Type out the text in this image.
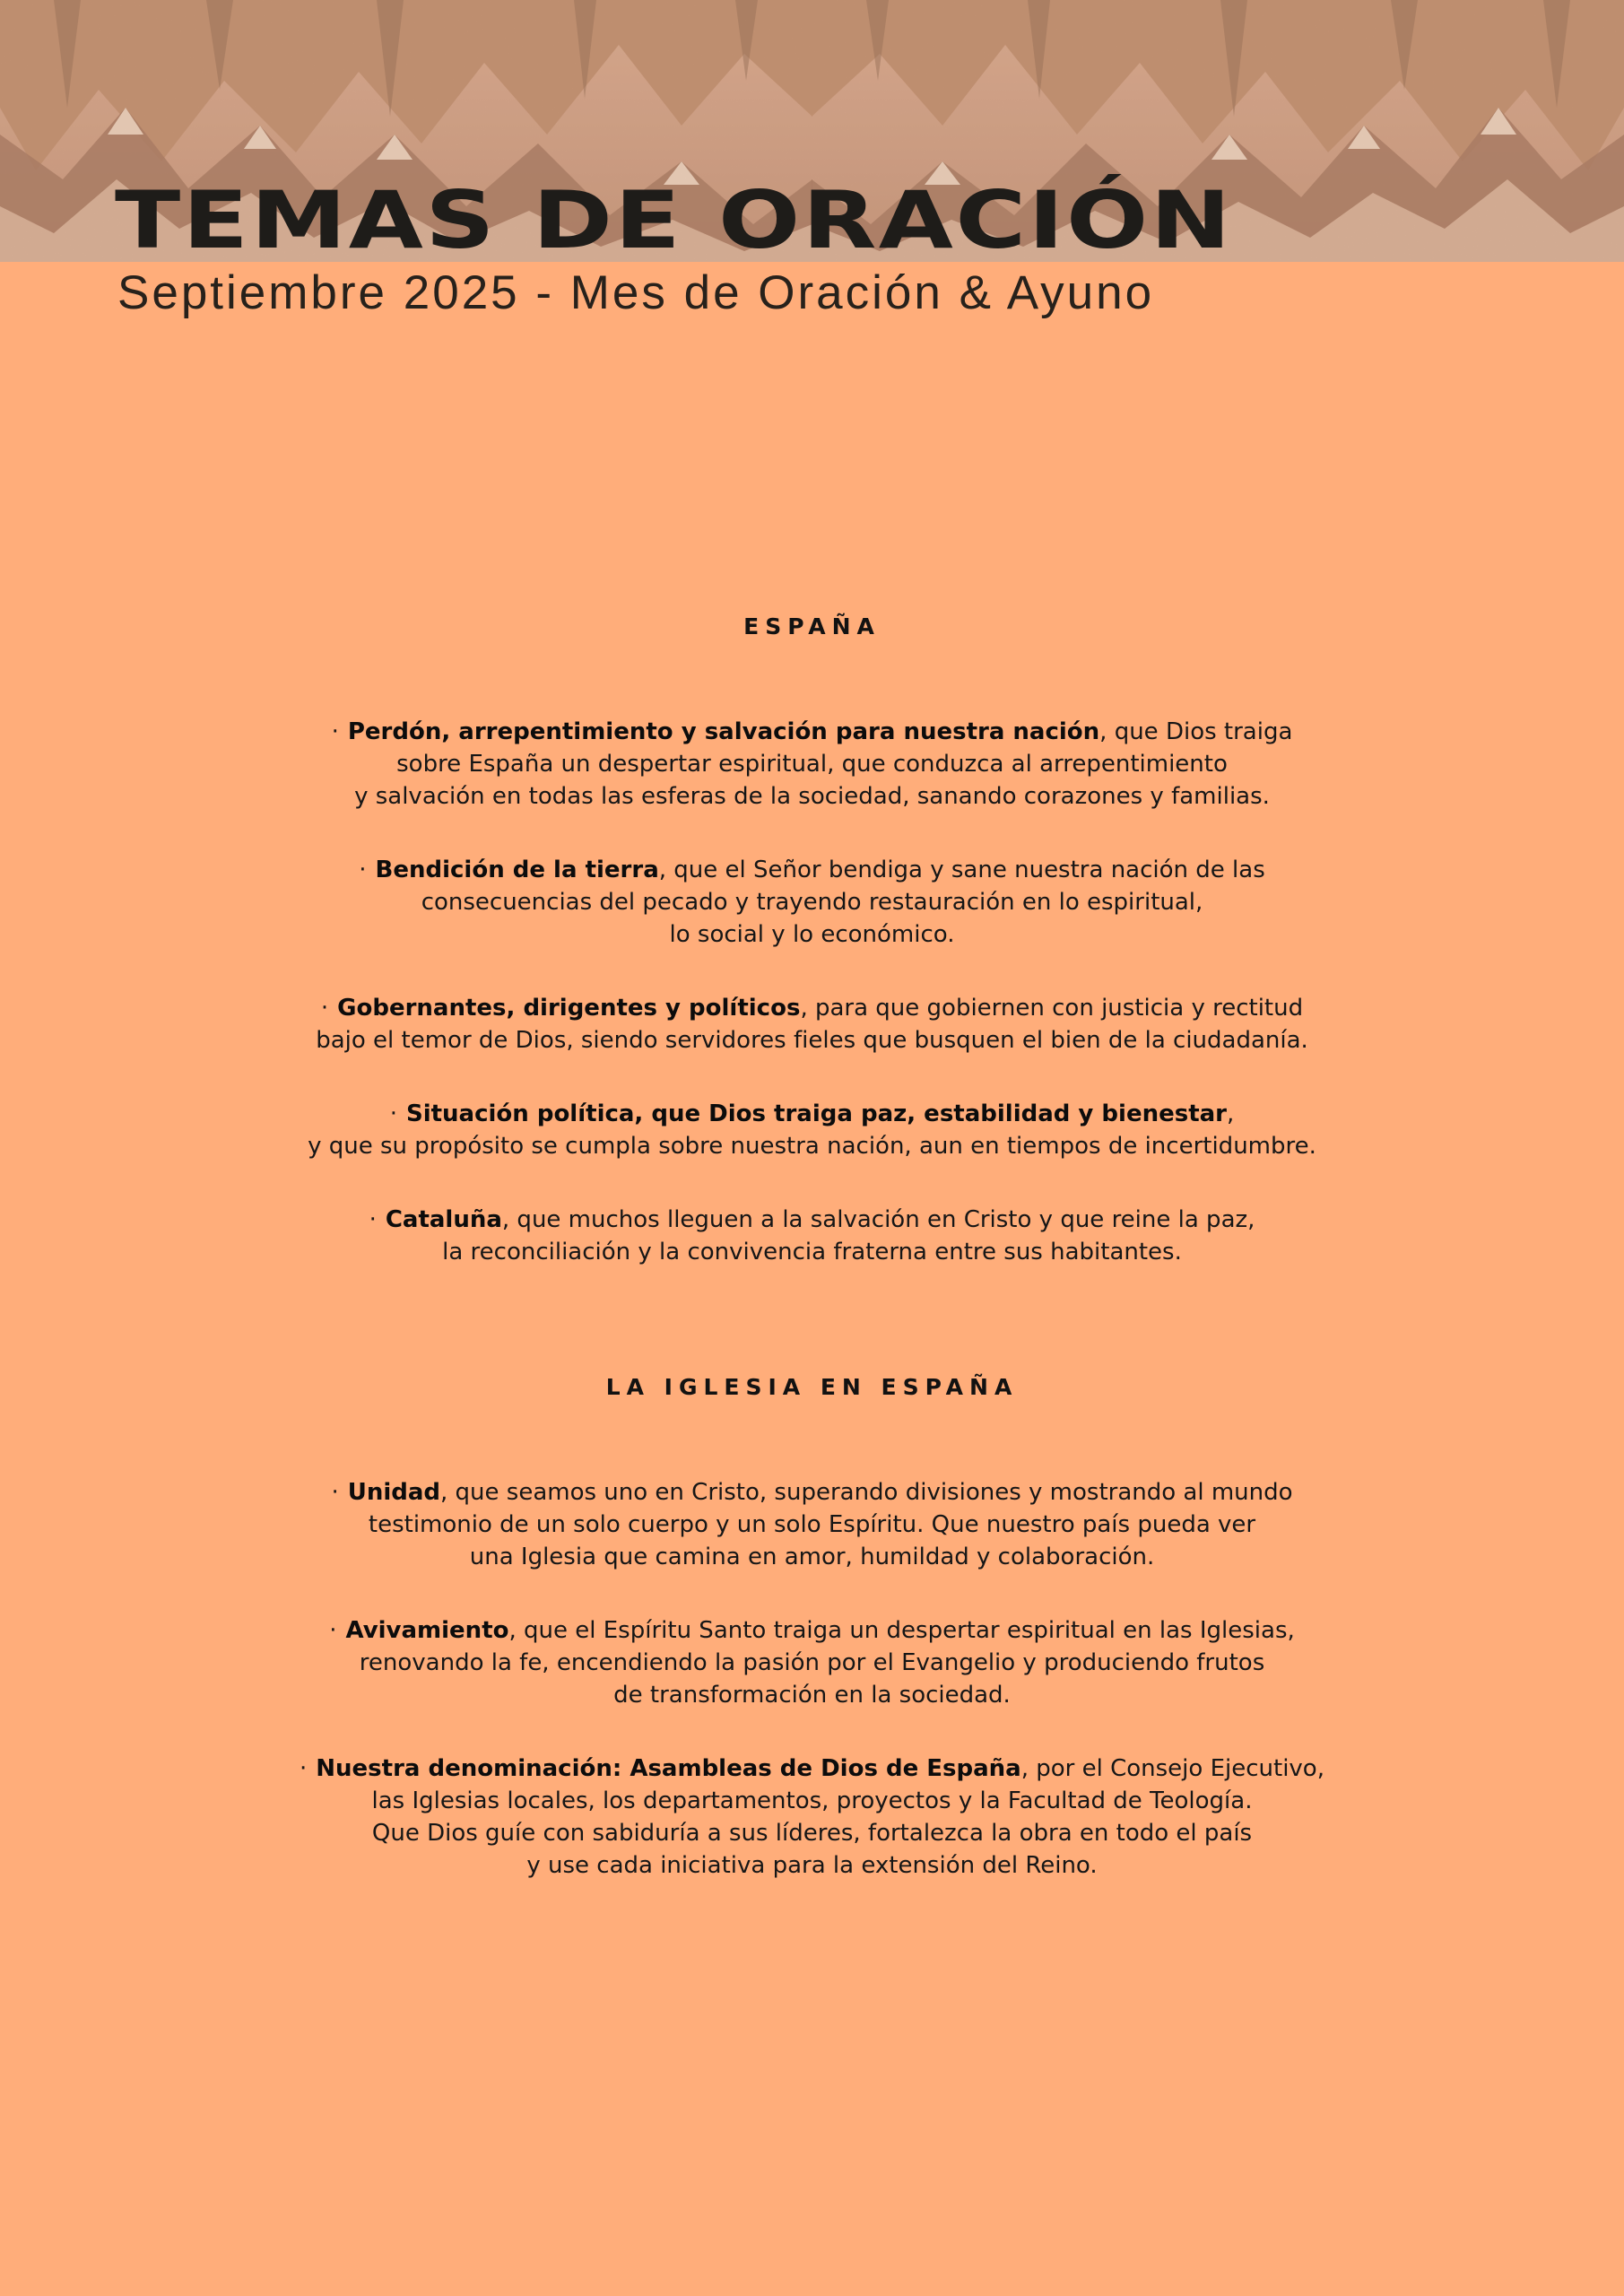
TEMAS DE ORACIÓN

Septiembre 2025 - Mes de Oración & Ayuno

ESPAÑA

· Perdón, arrepentimiento y salvación para nuestra nación, que Dios traiga
sobre España un despertar espiritual, que conduzca al arrepentimiento
y salvación en todas las esferas de la sociedad, sanando corazones y familias.

· Bendición de la tierra, que el Señor bendiga y sane nuestra nación de las
consecuencias del pecado y trayendo restauración en lo espiritual,
lo social y lo económico.

· Gobernantes, dirigentes y políticos, para que gobiernen con justicia y rectitud
bajo el temor de Dios, siendo servidores fieles que busquen el bien de la ciudadanía.

· Situación política, que Dios traiga paz, estabilidad y bienestar,
y que su propósito se cumpla sobre nuestra nación, aun en tiempos de incertidumbre.

· Cataluña, que muchos lleguen a la salvación en Cristo y que reine la paz,
la reconciliación y la convivencia fraterna entre sus habitantes.

LA IGLESIA EN ESPAÑA

· Unidad, que seamos uno en Cristo, superando divisiones y mostrando al mundo
testimonio de un solo cuerpo y un solo Espíritu. Que nuestro país pueda ver
una Iglesia que camina en amor, humildad y colaboración.

· Avivamiento, que el Espíritu Santo traiga un despertar espiritual en las Iglesias,
renovando la fe, encendiendo la pasión por el Evangelio y produciendo frutos
de transformación en la sociedad.

· Nuestra denominación: Asambleas de Dios de España, por el Consejo Ejecutivo,
las Iglesias locales, los departamentos, proyectos y la Facultad de Teología.
Que Dios guíe con sabiduría a sus líderes, fortalezca la obra en todo el país
y use cada iniciativa para la extensión del Reino.
